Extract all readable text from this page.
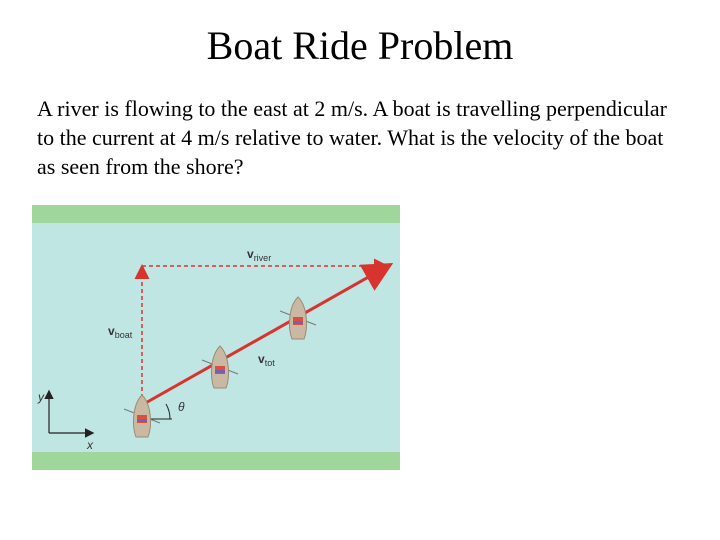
Boat Ride Problem
A river is flowing to the east at 2 m/s. A boat is travelling perpendicular to the current at 4 m/s relative to water. What is the velocity of the boat as seen from the shore?
y
x
$v_{river}$
$v_{boat}$
$v_{tot}$
θ
